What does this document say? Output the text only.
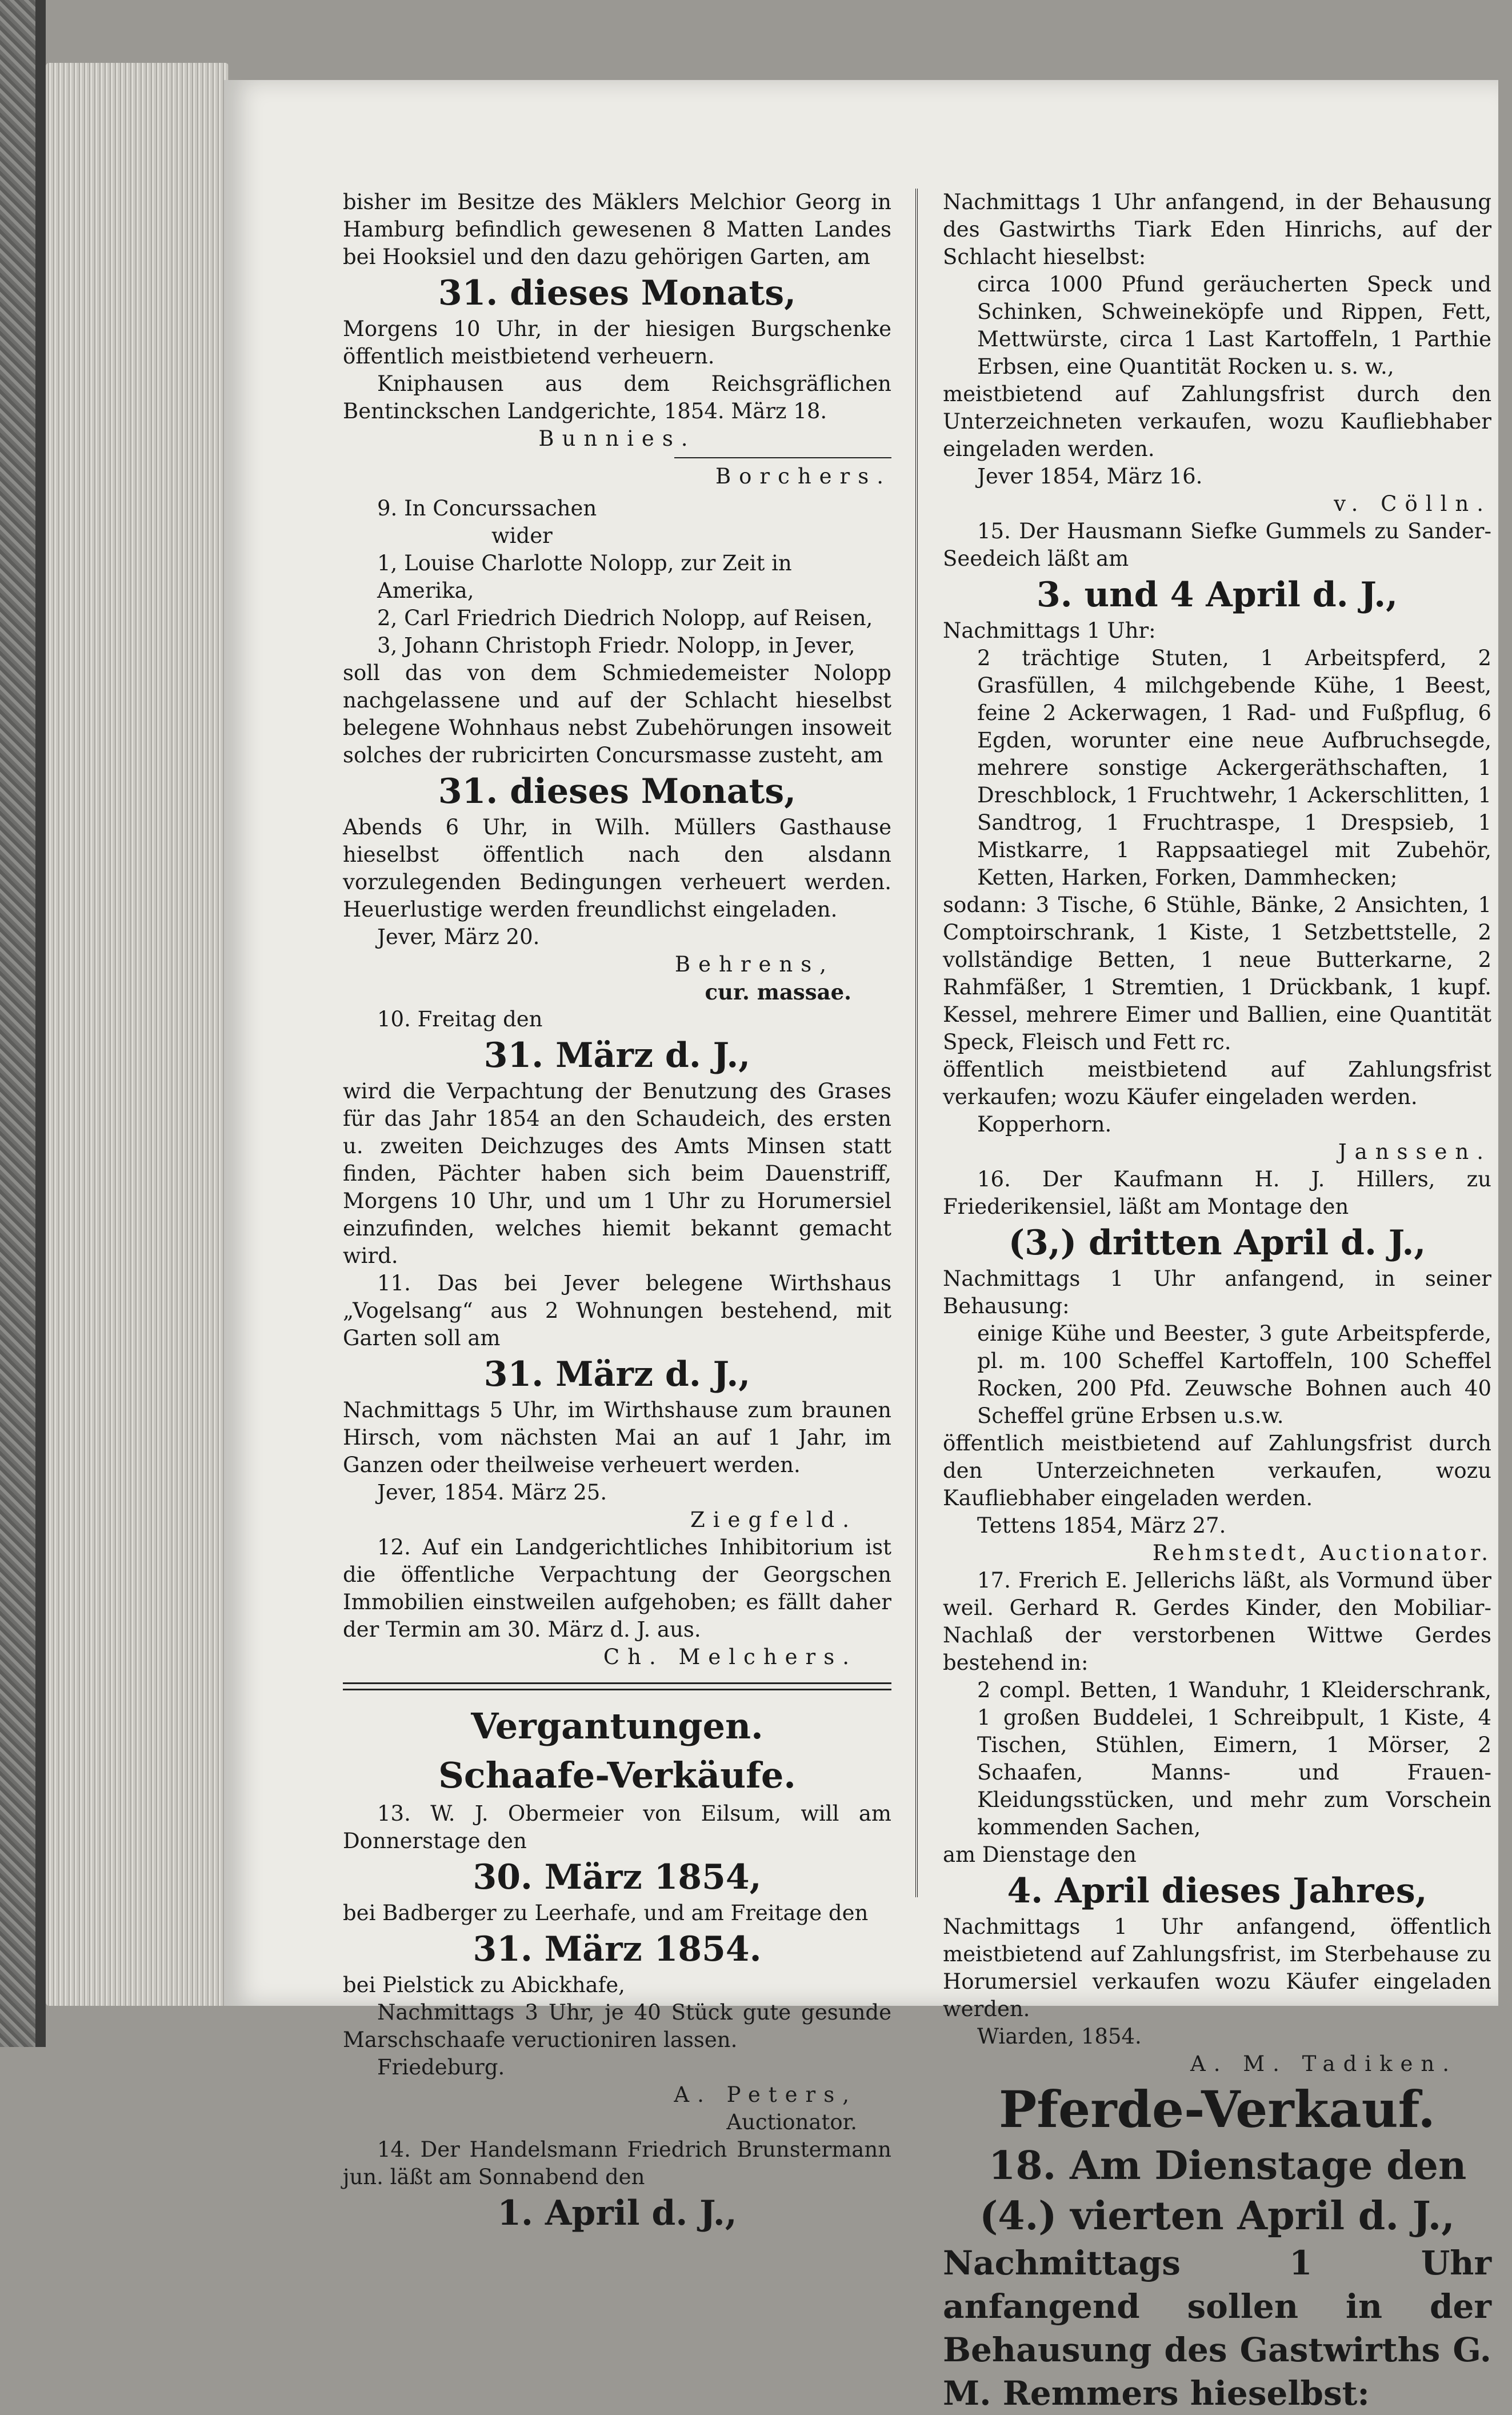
bisher im Besitze des Mäklers Melchior Georg in Hamburg befindlich gewesenen 8 Matten Landes bei Hooksiel und den dazu gehörigen Garten, am

31. dieses Monats,

Morgens 10 Uhr, in der hiesigen Burgschenke öffentlich meistbietend verheuern.

Kniphausen aus dem Reichsgräflichen Bentinckschen Landgerichte, 1854. März 18.

Bunnies.

Borchers.

9. In Concurssachen

wider

1, Louise Charlotte Nolopp, zur Zeit in Amerika,

2, Carl Friedrich Diedrich Nolopp, auf Reisen,

3, Johann Christoph Friedr. Nolopp, in Jever,

soll das von dem Schmiedemeister Nolopp nachgelassene und auf der Schlacht hieselbst belegene Wohnhaus nebst Zubehörungen insoweit solches der rubricirten Concursmasse zusteht, am

31. dieses Monats,

Abends 6 Uhr, in Wilh. Müllers Gasthause hieselbst öffentlich nach den alsdann vorzulegenden Bedingungen verheuert werden. Heuerlustige werden freundlichst eingeladen.

Jever, März 20.

Behrens,

cur. massae.

10. Freitag den

31. März d. J.,

wird die Verpachtung der Benutzung des Grases für das Jahr 1854 an den Schaudeich, des ersten u. zweiten Deichzuges des Amts Minsen statt finden, Pächter haben sich beim Dauenstriff, Morgens 10 Uhr, und um 1 Uhr zu Horumersiel einzufinden, welches hiemit bekannt gemacht wird.

11. Das bei Jever belegene Wirthshaus „Vogelsang“ aus 2 Wohnungen bestehend, mit Garten soll am

31. März d. J.,

Nachmittags 5 Uhr, im Wirthshause zum braunen Hirsch, vom nächsten Mai an auf 1 Jahr, im Ganzen oder theilweise verheuert werden.

Jever, 1854. März 25.

Ziegfeld.

12. Auf ein Landgerichtliches Inhibitorium ist die öffentliche Verpachtung der Georgschen Immobilien einstweilen aufgehoben; es fällt daher der Termin am 30. März d. J. aus.

Ch. Melchers.

Vergantungen.

Schaafe-Verkäufe.

13. W. J. Obermeier von Eilsum, will am Donnerstage den

30. März 1854,

bei Badberger zu Leerhafe, und am Freitage den

31. März 1854.

bei Pielstick zu Abickhafe,

Nachmittags 3 Uhr, je 40 Stück gute gesunde Marschschaafe veructioniren lassen.

Friedeburg.

A. Peters,

Auctionator.

14. Der Handelsmann Friedrich Brunstermann jun. läßt am Sonnabend den

1. April d. J.,

Nachmittags 1 Uhr anfangend, in der Behausung des Gastwirths Tiark Eden Hinrichs, auf der Schlacht hieselbst:

circa 1000 Pfund geräucherten Speck und Schinken, Schweineköpfe und Rippen, Fett, Mettwürste, circa 1 Last Kartoffeln, 1 Parthie Erbsen, eine Quantität Rocken u. s. w.,

meistbietend auf Zahlungsfrist durch den Unterzeichneten verkaufen, wozu Kaufliebhaber eingeladen werden.

Jever 1854, März 16.

v. Cölln.

15. Der Hausmann Siefke Gummels zu Sander-Seedeich läßt am

3. und 4 April d. J.,

Nachmittags 1 Uhr:

2 trächtige Stuten, 1 Arbeitspferd, 2 Grasfüllen, 4 milchgebende Kühe, 1 Beest, feine 2 Ackerwagen, 1 Rad- und Fußpflug, 6 Egden, worunter eine neue Aufbruchsegde, mehrere sonstige Ackergeräthschaften, 1 Dreschblock, 1 Fruchtwehr, 1 Ackerschlitten, 1 Sandtrog, 1 Fruchtraspe, 1 Drespsieb, 1 Mistkarre, 1 Rappsaatiegel mit Zubehör, Ketten, Harken, Forken, Dammhecken;

sodann: 3 Tische, 6 Stühle, Bänke, 2 Ansichten, 1 Comptoirschrank, 1 Kiste, 1 Setzbettstelle, 2 vollständige Betten, 1 neue Butterkarne, 2 Rahmfäßer, 1 Stremtien, 1 Drückbank, 1 kupf. Kessel, mehrere Eimer und Ballien, eine Quantität Speck, Fleisch und Fett rc.

öffentlich meistbietend auf Zahlungsfrist verkaufen; wozu Käufer eingeladen werden.

Kopperhorn.

Janssen.

16. Der Kaufmann H. J. Hillers, zu Friederikensiel, läßt am Montage den

(3,) dritten April d. J.,

Nachmittags 1 Uhr anfangend, in seiner Behausung:

einige Kühe und Beester, 3 gute Arbeitspferde, pl. m. 100 Scheffel Kartoffeln, 100 Scheffel Rocken, 200 Pfd. Zeuwsche Bohnen auch 40 Scheffel grüne Erbsen u.s.w.

öffentlich meistbietend auf Zahlungsfrist durch den Unterzeichneten verkaufen, wozu Kaufliebhaber eingeladen werden.

Tettens 1854, März 27.

Rehmstedt, Auctionator.

17. Frerich E. Jellerichs läßt, als Vormund über weil. Gerhard R. Gerdes Kinder, den Mobiliar-Nachlaß der verstorbenen Wittwe Gerdes bestehend in:

2 compl. Betten, 1 Wanduhr, 1 Kleiderschrank, 1 großen Buddelei, 1 Schreibpult, 1 Kiste, 4 Tischen, Stühlen, Eimern, 1 Mörser, 2 Schaafen, Manns- und Frauen-Kleidungsstücken, und mehr zum Vorschein kommenden Sachen,

am Dienstage den

4. April dieses Jahres,

Nachmittags 1 Uhr anfangend, öffentlich meistbietend auf Zahlungsfrist, im Sterbehause zu Horumersiel verkaufen wozu Käufer eingeladen werden.

Wiarden, 1854.

A. M. Tadiken.

Pferde-Verkauf.

18. Am Dienstage den

(4.) vierten April d. J.,

Nachmittags 1 Uhr anfangend sollen in der Behausung des Gastwirths G. M. Remmers hieselbst:
